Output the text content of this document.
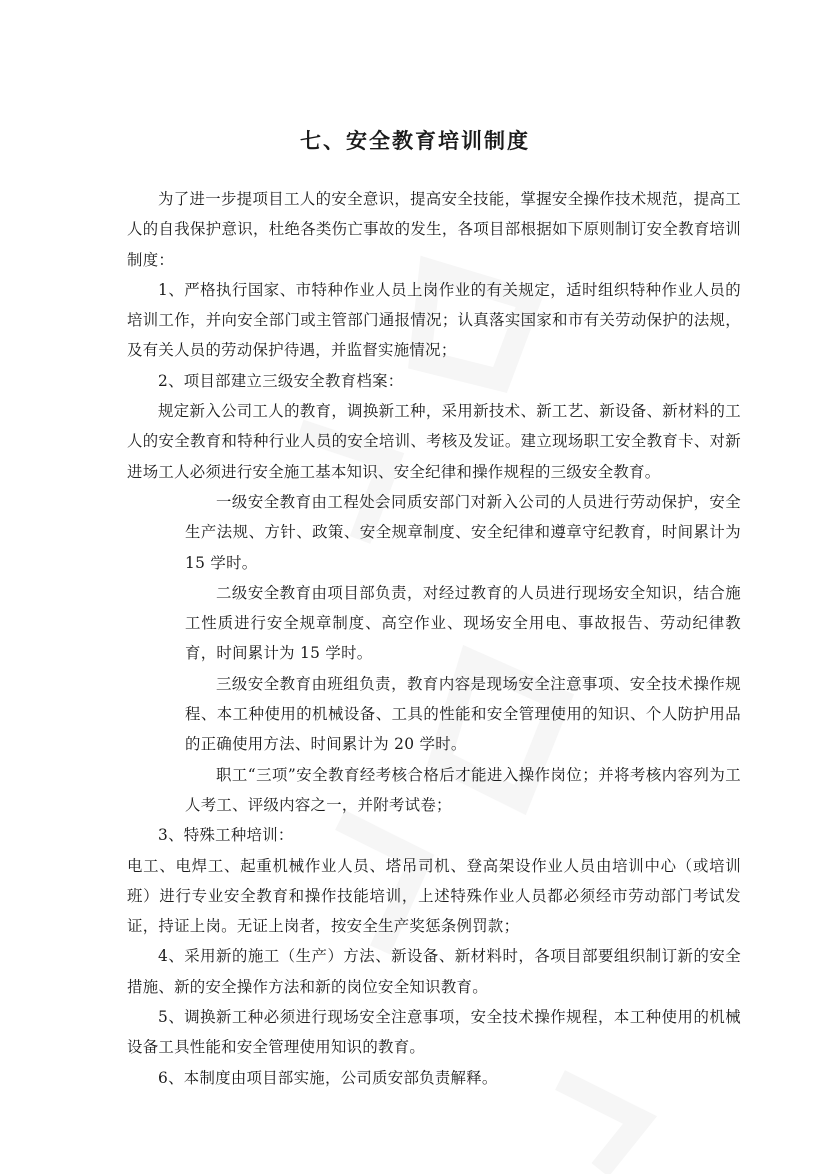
七、安全教育培训制度

为了进一步提项目工人的安全意识，提高安全技能，掌握安全操作技术规范，提高工人的自我保护意识，杜绝各类伤亡事故的发生，各项目部根据如下原则制订安全教育培训制度：

1、严格执行国家、市特种作业人员上岗作业的有关规定，适时组织特种作业人员的培训工作，并向安全部门或主管部门通报情况；认真落实国家和市有关劳动保护的法规，及有关人员的劳动保护待遇，并监督实施情况；

2、项目部建立三级安全教育档案：

规定新入公司工人的教育，调换新工种，采用新技术、新工艺、新设备、新材料的工人的安全教育和特种行业人员的安全培训、考核及发证。建立现场职工安全教育卡、对新进场工人必须进行安全施工基本知识、安全纪律和操作规程的三级安全教育。

一级安全教育由工程处会同质安部门对新入公司的人员进行劳动保护，安全生产法规、方针、政策、安全规章制度、安全纪律和遵章守纪教育，时间累计为 15 学时。

二级安全教育由项目部负责，对经过教育的人员进行现场安全知识，结合施工性质进行安全规章制度、高空作业、现场安全用电、事故报告、劳动纪律教育，时间累计为 15 学时。

三级安全教育由班组负责，教育内容是现场安全注意事项、安全技术操作规程、本工种使用的机械设备、工具的性能和安全管理使用的知识、个人防护用品的正确使用方法、时间累计为 20 学时。

职工“三项”安全教育经考核合格后才能进入操作岗位；并将考核内容列为工人考工、评级内容之一，并附考试卷；

3、特殊工种培训：

电工、电焊工、起重机械作业人员、塔吊司机、登高架设作业人员由培训中心（或培训班）进行专业安全教育和操作技能培训，上述特殊作业人员都必须经市劳动部门考试发证，持证上岗。无证上岗者，按安全生产奖惩条例罚款；

4、采用新的施工（生产）方法、新设备、新材料时，各项目部要组织制订新的安全措施、新的安全操作方法和新的岗位安全知识教育。

5、调换新工种必须进行现场安全注意事项，安全技术操作规程，本工种使用的机械设备工具性能和安全管理使用知识的教育。

6、本制度由项目部实施，公司质安部负责解释。
